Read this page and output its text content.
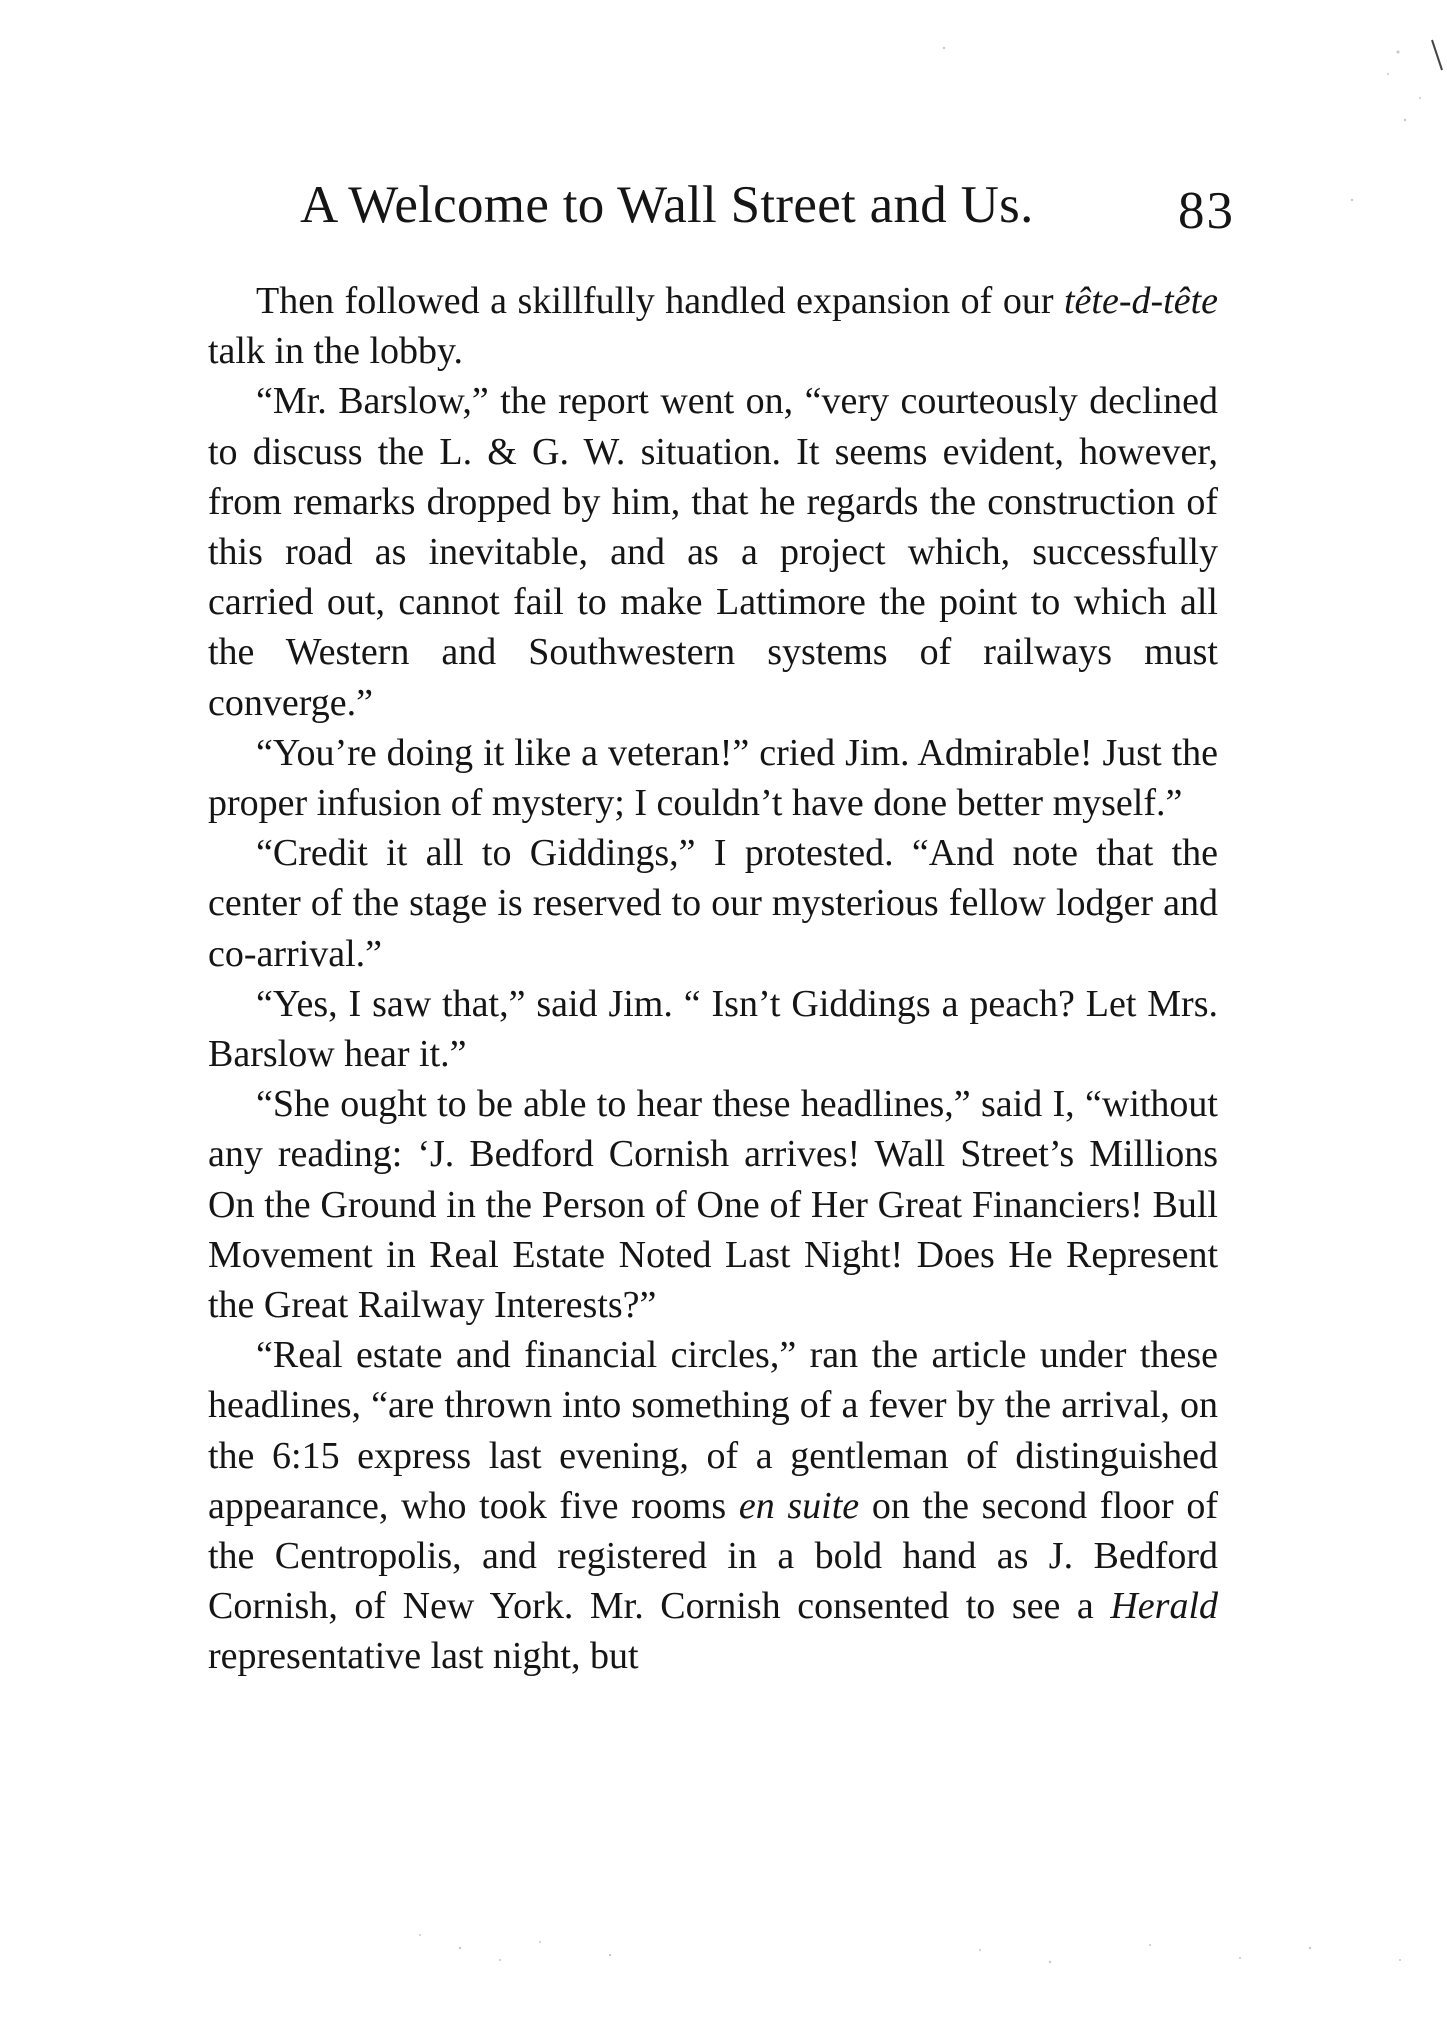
A Welcome to Wall Street and Us.	83

Then followed a skillfully handled expansion of our tête-d-tête talk in the lobby.

“Mr. Barslow,” the report went on, “very courteously declined to discuss the L. & G. W. situation. It seems evident, however, from remarks dropped by him, that he regards the construction of this road as inevitable, and as a project which, successfully carried out, cannot fail to make Lattimore the point to which all the Western and Southwestern systems of railways must converge.”

“You’re doing it like a veteran!” cried Jim. Admirable! Just the proper infusion of mystery; I couldn’t have done better myself.”

“Credit it all to Giddings,” I protested. “And note that the center of the stage is reserved to our mysterious fellow lodger and co-arrival.”

“Yes, I saw that,” said Jim. “ Isn’t Giddings a peach? Let Mrs. Barslow hear it.”

“She ought to be able to hear these headlines,” said I, “without any reading: ‘J. Bedford Cornish arrives! Wall Street’s Millions On the Ground in the Person of One of Her Great Financiers! Bull Movement in Real Estate Noted Last Night! Does He Represent the Great Railway Interests?”

“Real estate and financial circles,” ran the article under these headlines, “are thrown into something of a fever by the arrival, on the 6:15 express last evening, of a gentleman of distinguished appearance, who took five rooms en suite on the second floor of the Centropolis, and registered in a bold hand as J. Bedford Cornish, of New York. Mr. Cornish consented to see a Herald representative last night, but
